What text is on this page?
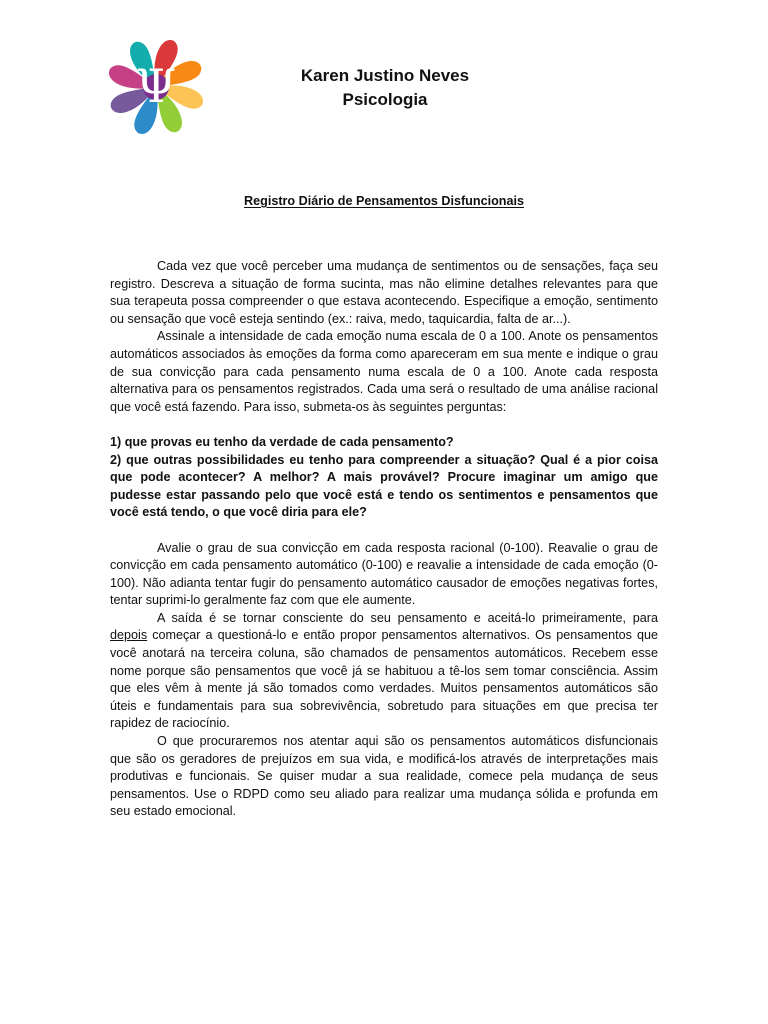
Ψ	Karen Justino Neves
Psicologia
Registro Diário de Pensamentos Disfuncionais

Cada vez que você perceber uma mudança de sentimentos ou de sensações, faça seu registro. Descreva a situação de forma sucinta, mas não elimine detalhes relevantes para que sua terapeuta possa compreender o que estava acontecendo. Especifique a emoção, sentimento ou sensação que você esteja sentindo (ex.: raiva, medo, taquicardia, falta de ar...).

Assinale a intensidade de cada emoção numa escala de 0 a 100. Anote os pensamentos automáticos associados às emoções da forma como apareceram em sua mente e indique o grau de sua convicção para cada pensamento numa escala de 0 a 100. Anote cada resposta alternativa para os pensamentos registrados. Cada uma será o resultado de uma análise racional que você está fazendo. Para isso, submeta-os às seguintes perguntas:

1) que provas eu tenho da verdade de cada pensamento?

2) que outras possibilidades eu tenho para compreender a situação? Qual é a pior coisa que pode acontecer? A melhor? A mais provável? Procure imaginar um amigo que pudesse estar passando pelo que você está e tendo os sentimentos e pensamentos que você está tendo, o que você diria para ele?

Avalie o grau de sua convicção em cada resposta racional (0-100). Reavalie o grau de convicção em cada pensamento automático (0-100) e reavalie a intensidade de cada emoção (0-100). Não adianta tentar fugir do pensamento automático causador de emoções negativas fortes, tentar suprimi-lo geralmente faz com que ele aumente.

A saída é se tornar consciente do seu pensamento e aceitá-lo primeiramente, para depois começar a questioná-lo e então propor pensamentos alternativos. Os pensamentos que você anotará na terceira coluna, são chamados de pensamentos automáticos. Recebem esse nome porque são pensamentos que você já se habituou a tê-los sem tomar consciência. Assim que eles vêm à mente já são tomados como verdades. Muitos pensamentos automáticos são úteis e fundamentais para sua sobrevivência, sobretudo para situações em que precisa ter rapidez de raciocínio.

O que procuraremos nos atentar aqui são os pensamentos automáticos disfuncionais que são os geradores de prejuízos em sua vida, e modificá-los através de interpretações mais produtivas e funcionais. Se quiser mudar a sua realidade, comece pela mudança de seus pensamentos. Use o RDPD como seu aliado para realizar uma mudança sólida e profunda em seu estado emocional.
